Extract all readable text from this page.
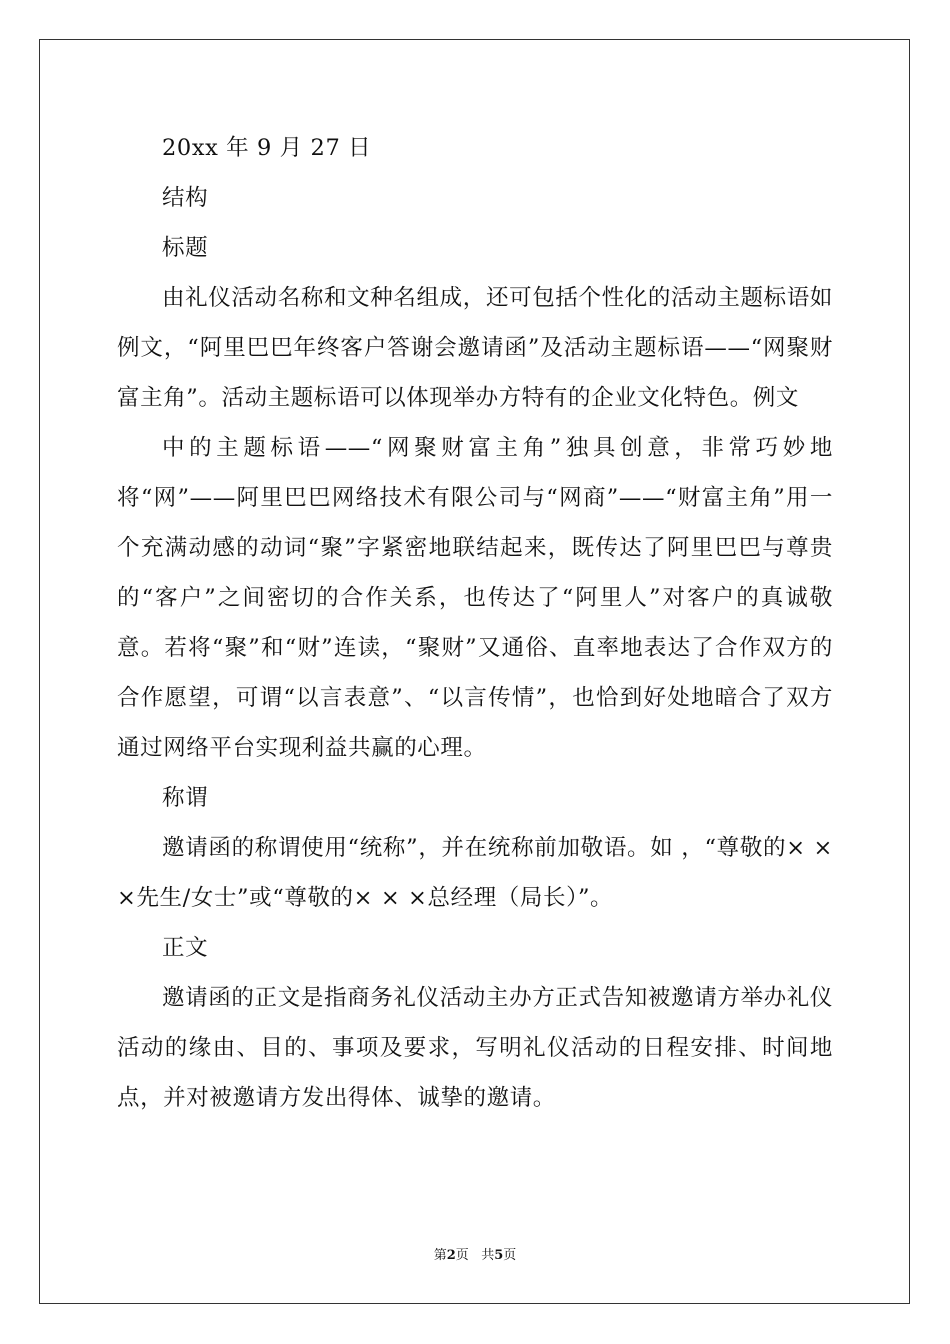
20xx 年 9 月 27 日

结构

标题

由礼仪活动名称和文种名组成，还可包括个性化的活动主题标语如例文，“阿里巴巴年终客户答谢会邀请函”及活动主题标语——“网聚财富主角”。活动主题标语可以体现举办方特有的企业文化特色。例文

中的主题标语——“网聚财富主角”独具创意，非常巧妙地将“网”——阿里巴巴网络技术有限公司与“网商”——“财富主角”用一个充满动感的动词“聚”字紧密地联结起来，既传达了阿里巴巴与尊贵的“客户”之间密切的合作关系，也传达了“阿里人”对客户的真诚敬意。若将“聚”和“财”连读，“聚财”又通俗、直率地表达了合作双方的合作愿望，可谓“以言表意”、“以言传情”，也恰到好处地暗合了双方通过网络平台实现利益共赢的心理。

称谓

邀请函的称谓使用“统称”，并在统称前加敬语。如 ，“尊敬的× × ×先生/女士”或“尊敬的× × ×总经理（局长）”。

正文

邀请函的正文是指商务礼仪活动主办方正式告知被邀请方举办礼仪活动的缘由、目的、事项及要求，写明礼仪活动的日程安排、时间地点，并对被邀请方发出得体、诚挚的邀请。

第2页 共5页
